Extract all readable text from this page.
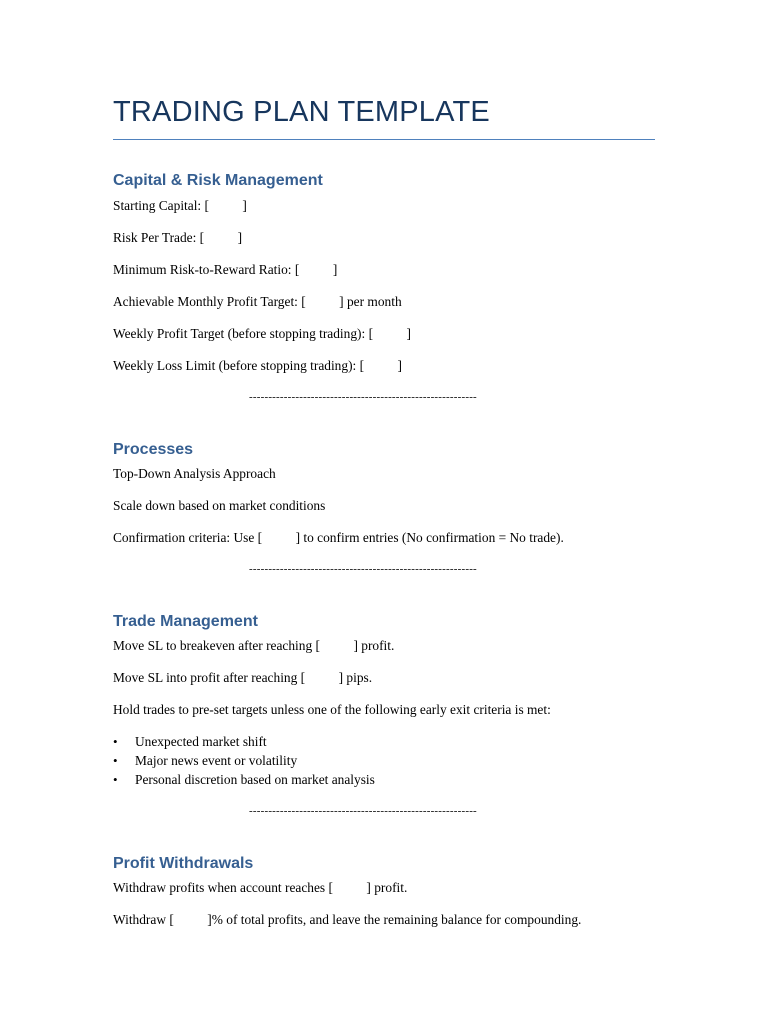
TRADING PLAN TEMPLATE
Capital & Risk Management

Starting Capital: [          ]

Risk Per Trade: [          ]

Minimum Risk-to-Reward Ratio: [          ]

Achievable Monthly Profit Target: [          ] per month

Weekly Profit Target (before stopping trading): [          ]

Weekly Loss Limit (before stopping trading): [          ]

-----------------------------------------------------------

Processes

Top-Down Analysis Approach

Scale down based on market conditions

Confirmation criteria: Use [          ] to confirm entries (No confirmation = No trade).

-----------------------------------------------------------

Trade Management

Move SL to breakeven after reaching [          ] profit.

Move SL into profit after reaching [          ] pips.

Hold trades to pre-set targets unless one of the following early exit criteria is met:

• Unexpected market shift
• Major news event or volatility
• Personal discretion based on market analysis

-----------------------------------------------------------

Profit Withdrawals

Withdraw profits when account reaches [          ] profit.

Withdraw [          ]% of total profits, and leave the remaining balance for compounding.
